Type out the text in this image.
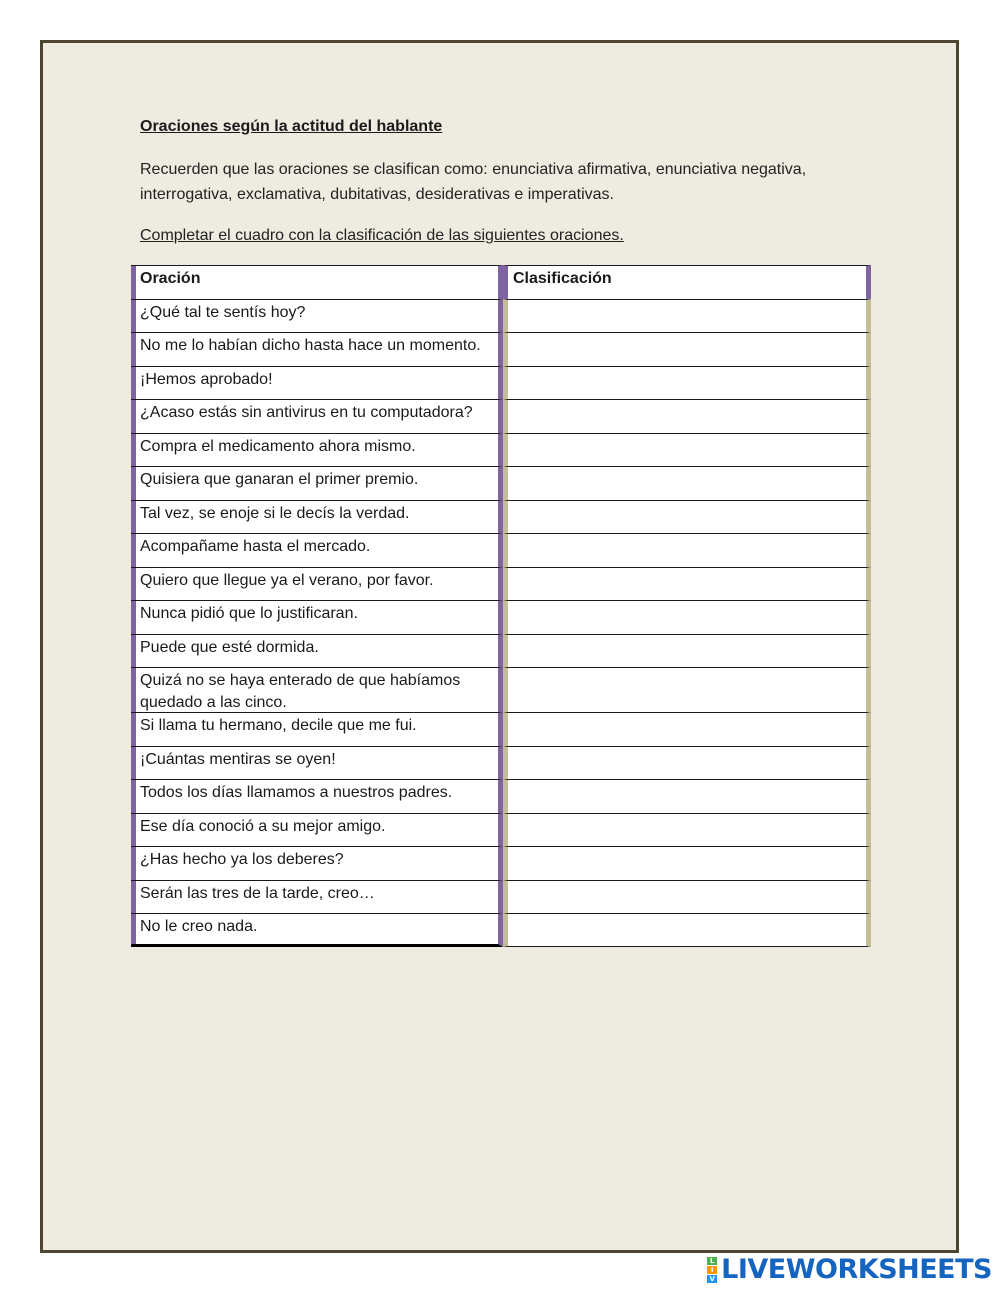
Oraciones según la actitud del hablante

Recuerden que las oraciones se clasifican como: enunciativa afirmativa, enunciativa negativa, interrogativa, exclamativa, dubitativas, desiderativas e imperativas.

Completar el cuadro con la clasificación de las siguientes oraciones.

Oración	Clasificación
¿Qué tal te sentís hoy?
No me lo habían dicho hasta hace un momento.
¡Hemos aprobado!
¿Acaso estás sin antivirus en tu computadora?
Compra el medicamento ahora mismo.
Quisiera que ganaran el primer premio.
Tal vez, se enoje si le decís la verdad.
Acompañame hasta el mercado.
Quiero que llegue ya el verano, por favor.
Nunca pidió que lo justificaran.
Puede que esté dormida.
Quizá no se haya enterado de que habíamos quedado a las cinco.
Si llama tu hermano, decile que me fui.
¡Cuántas mentiras se oyen!
Todos los días llamamos a nuestros padres.
Ese día conoció a su mejor amigo.
¿Has hecho ya los deberes?
Serán las tres de la tarde, creo…
No le creo nada.
L
I
V LIVEWORKSHEETS
